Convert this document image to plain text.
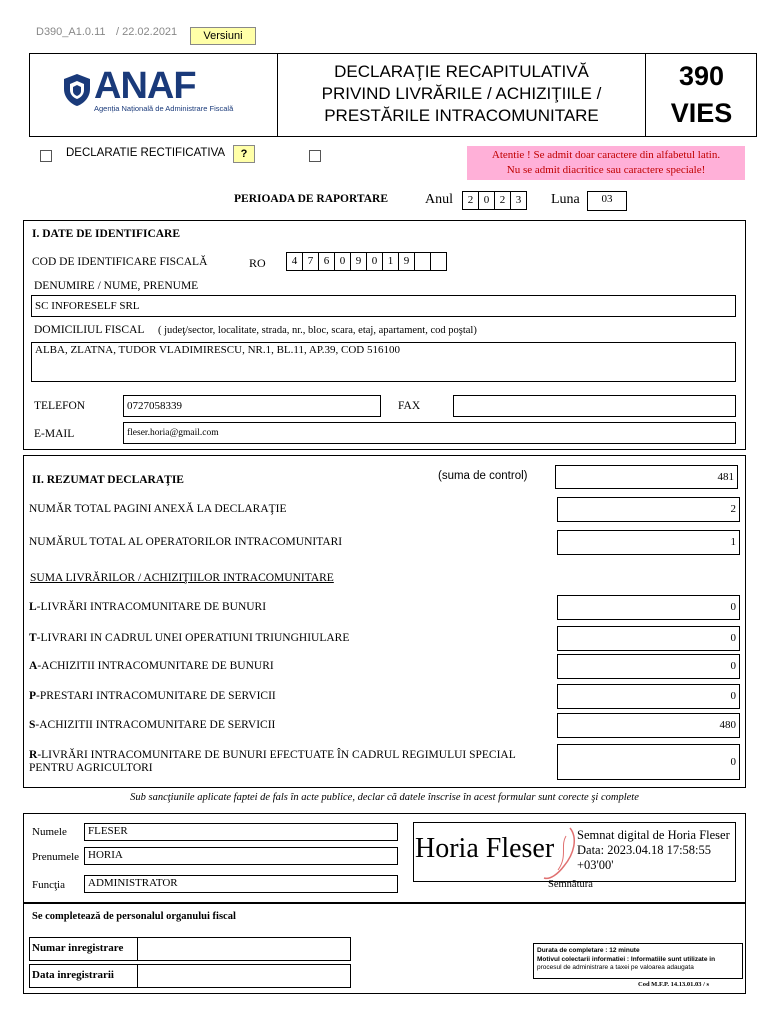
D390_A1.0.11 / 22.02.2021	Versiuni
ANAF
Agenția Națională de Administrare Fiscală
DECLARAŢIE RECAPITULATIVĂ
PRIVIND LIVRĂRILE / ACHIZIŢIILE /
PRESTĂRILE INTRACOMUNITARE
390
VIES
DECLARATIE RECTIFICATIVA	?	Atentie ! Se admit doar caractere din alfabetul latin.
Nu se admit diacritice sau caractere speciale!
PERIOADA DE RAPORTARE	Anul	2 0 2 3	Luna	03
I. DATE DE IDENTIFICARE
COD DE IDENTIFICARE FISCALĂ	RO	4 7 6 0 9 0 1 9
DENUMIRE / NUME, PRENUME
SC INFORESELF SRL
DOMICILIUL FISCAL ( judeţ/sector, localitate, strada, nr., bloc, scara, etaj, apartament, cod poştal)
ALBA, ZLATNA, TUDOR VLADIMIRESCU, NR.1, BL.11, AP.39, COD 516100
TELEFON	0727058339	FAX
E-MAIL	fleser.horia@gmail.com
II. REZUMAT DECLARAŢIE	(suma de control)	481
NUMĂR TOTAL PAGINI ANEXĂ LA DECLARAŢIE	2
NUMĂRUL TOTAL AL OPERATORILOR INTRACOMUNITARI	1
SUMA LIVRĂRILOR / ACHIZIŢIILOR INTRACOMUNITARE
L-LIVRĂRI INTRACOMUNITARE DE BUNURI	0
T-LIVRARI IN CADRUL UNEI OPERATIUNI TRIUNGHIULARE	0
A-ACHIZITII INTRACOMUNITARE DE BUNURI	0
P-PRESTARI INTRACOMUNITARE DE SERVICII	0
S-ACHIZITII INTRACOMUNITARE DE SERVICII	480
R-LIVRĂRI INTRACOMUNITARE DE BUNURI EFECTUATE ÎN CADRUL REGIMULUI SPECIAL
PENTRU AGRICULTORI	0
Sub sancţiunile aplicate faptei de fals în acte publice, declar că datele înscrise în acest formular sunt corecte şi complete
Numele	FLESER
Prenumele HORIA
Funcţia	ADMINISTRATOR
Horia Fleser Semnat digital de Horia Fleser
Data: 2023.04.18 17:58:55
+03'00'
Semnătura
Se completează de personalul organului fiscal
Numar inregistrare
Data inregistrarii
Durata de completare : 12 minute
Motivul colectarii informatiei : Informatiile sunt utilizate in
procesul de administrare a taxei pe valoarea adaugata
Cod M.F.P. 14.13.01.03 / s
